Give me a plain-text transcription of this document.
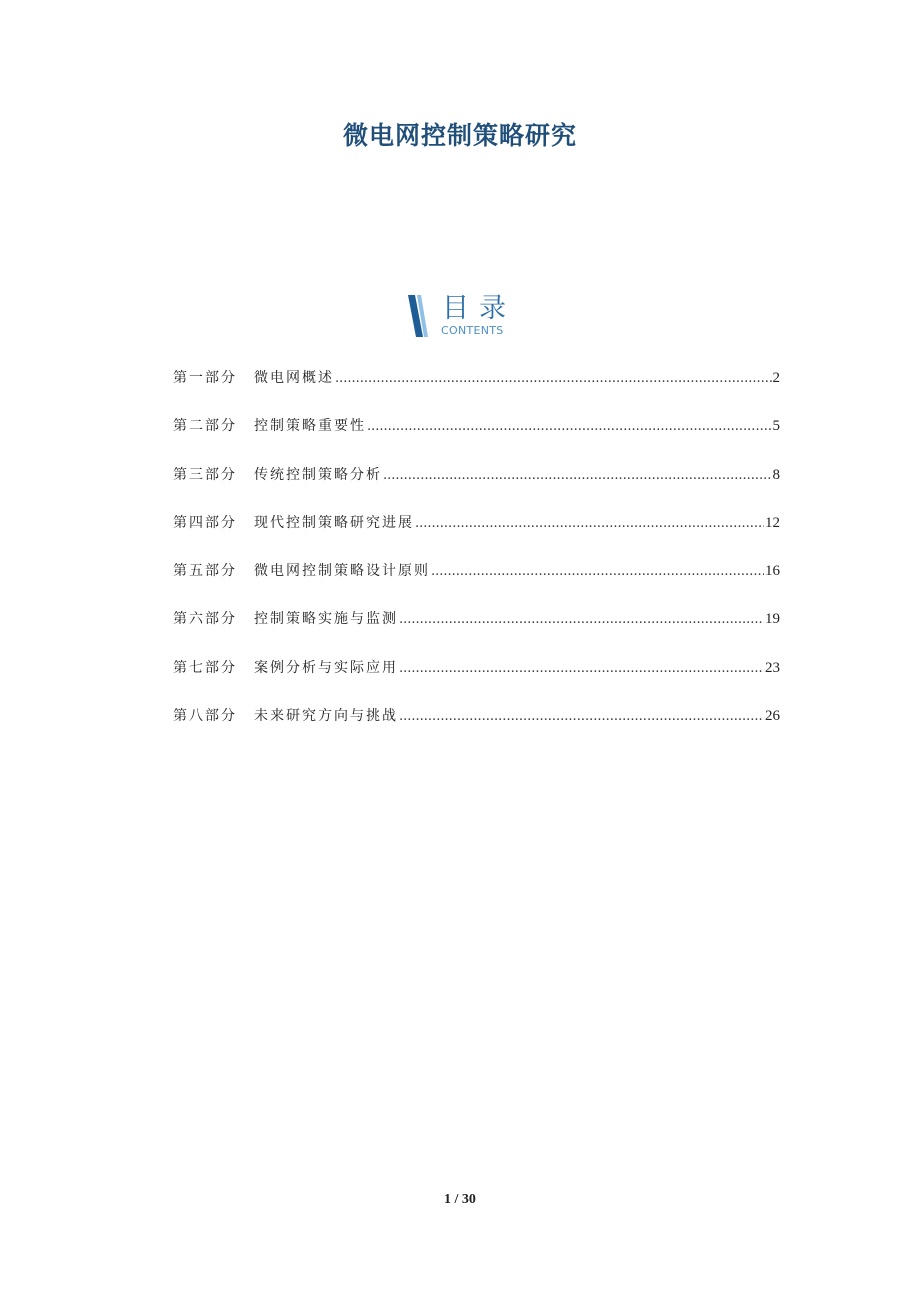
微电网控制策略研究
目录
CONTENTS
第一部分	微电网概述 .....	2
第二部分	控制策略重要性 .....	5
第三部分	传统控制策略分析 .....	8
第四部分	现代控制策略研究进展 .....	12
第五部分	微电网控制策略设计原则 .....	16
第六部分	控制策略实施与监测 .....	19
第七部分	案例分析与实际应用 .....	23
第八部分	未来研究方向与挑战 .....	26
1 / 30
